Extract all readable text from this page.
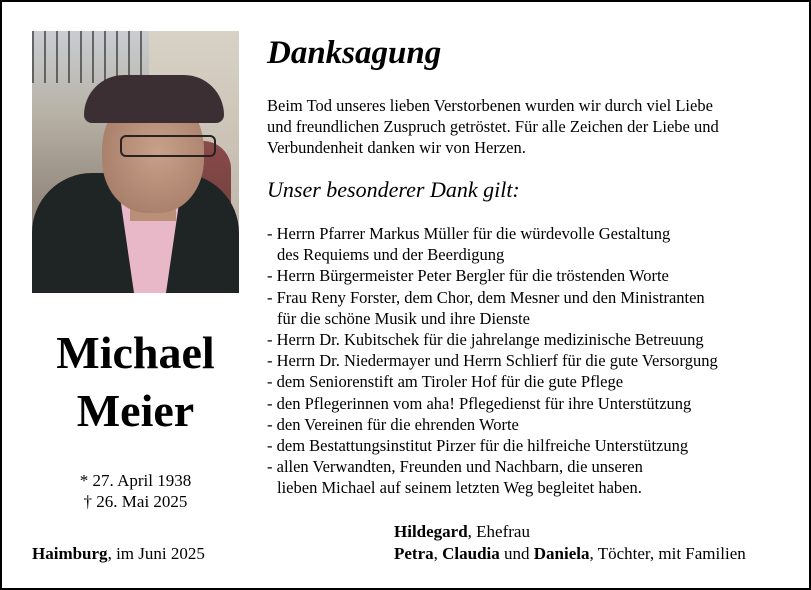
Michael
Meier
* 27. April 1938
† 26. Mai 2025
Haimburg, im Juni 2025
Danksagung
Beim Tod unseres lieben Verstorbenen wurden wir durch viel Liebe
und freundlichen Zuspruch getröstet. Für alle Zeichen der Liebe und
Verbundenheit danken wir von Herzen.
Unser besonderer Dank gilt:
- Herrn Pfarrer Markus Müller für die würdevolle Gestaltung
des Requiems und der Beerdigung
- Herrn Bürgermeister Peter Bergler für die tröstenden Worte
- Frau Reny Forster, dem Chor, dem Mesner und den Ministranten
für die schöne Musik und ihre Dienste
- Herrn Dr. Kubitschek für die jahrelange medizinische Betreuung
- Herrn Dr. Niedermayer und Herrn Schlierf für die gute Versorgung
- dem Seniorenstift am Tiroler Hof für die gute Pflege
- den Pflegerinnen vom aha! Pflegedienst für ihre Unterstützung
- den Vereinen für die ehrenden Worte
- dem Bestattungsinstitut Pirzer für die hilfreiche Unterstützung
- allen Verwandten, Freunden und Nachbarn, die unseren
lieben Michael auf seinem letzten Weg begleitet haben.
Hildegard, Ehefrau
Petra, Claudia und Daniela, Töchter, mit Familien
